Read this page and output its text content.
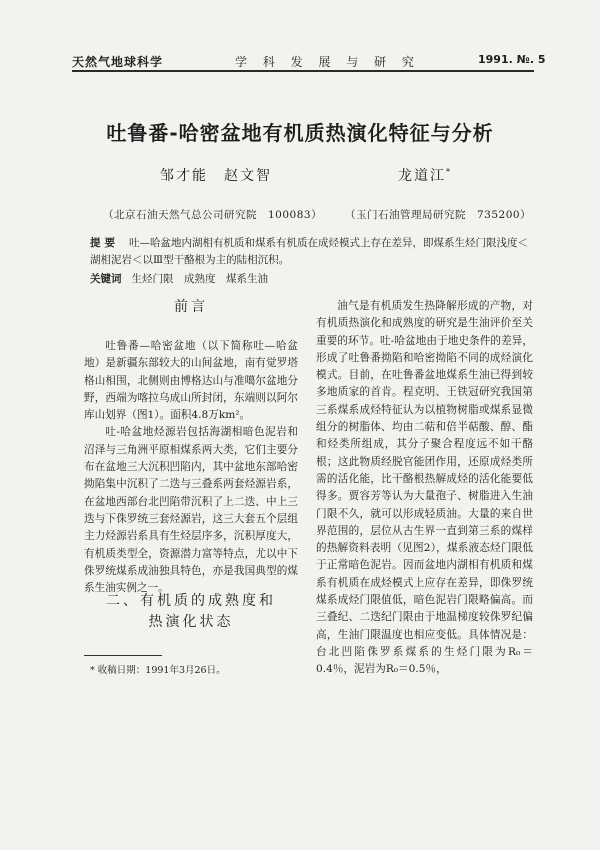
天然气地球科学	学 科 发 展 与 研 究	1991. №. 5
吐鲁番-哈密盆地有机质热演化特征与分析
邹才能　赵文智	龙道江*
（北京石油天然气总公司研究院　100083） （玉门石油管理局研究院　735200）
提要 吐—哈盆地内湖相有机质和煤系有机质在成烃模式上存在差异，即煤系生烃门限浅度＜湖相泥岩＜以Ⅲ型干酪根为主的陆相沉积。
关键词 生烃门限　成熟度　煤系生油
前言

吐鲁番—哈密盆地（以下简称吐—哈盆地）是新疆东部较大的山间盆地，南有觉罗塔格山相围，北侧则由博格达山与准噶尔盆地分野，西端为喀拉乌成山所封闭，东端则以阿尔库山划界（图1）。面积4.8万km²。

吐-哈盆地烃源岩包括海湖相暗色泥岩和沼泽与三角洲平原相煤系两大类，它们主要分布在盆地三大沉积凹陷内，其中盆地东部哈密拗陷集中沉积了二迭与三叠系两套烃源岩系，在盆地西部台北凹陷带沉积了上二迭、中上三迭与下侏罗统三套烃源岩，这三大套五个层组主力烃源岩系具有生烃层序多，沉积厚度大，有机质类型全，资源潜力富等特点，尤以中下侏罗统煤系成油独具特色，亦是我国典型的煤系生油实例之一。

二、有机质的成熟度和
热演化状态

油气是有机质发生热降解形成的产物，对有机质热演化和成熟度的研究是生油评价至关重要的环节。吐-哈盆地由于地史条件的差异，形成了吐鲁番拗陷和哈密拗陷不同的成烃演化模式。目前，在吐鲁番盆地煤系生油已得到较多地质家的首肯。程克明、王铁冠研究我国第三系煤系成烃特征认为以植物树脂或煤系显微组分的树脂体、均由二萜和倍半萜酸、醇、酯和烃类所组成，其分子聚合程度远不如干酪根；这此物质经脱官能团作用，还原成烃类所需的活化能，比干酪根热解成烃的活化能要低得多。贾容芳等认为大量孢子、树脂进入生油门限不久，就可以形成轻质油。大量的来自世界范围的，层位从古生界一直到第三系的煤样的热解资料表明（见图2），煤系液态烃门限低于正常暗色泥岩。因而盆地内湖相有机质和煤系有机质在成烃模式上应存在差异，即侏罗统煤系成烃门限值低，暗色泥岩门限略偏高。而三叠纪、二迭纪门限由于地温梯度较侏罗纪偏高，生油门限温度也相应变低。具体情况是：台北凹陷侏罗系煤系的生烃门限为R₀＝0.4％，泥岩为R₀＝0.5％，

* 收稿日期：1991年3月26日。
